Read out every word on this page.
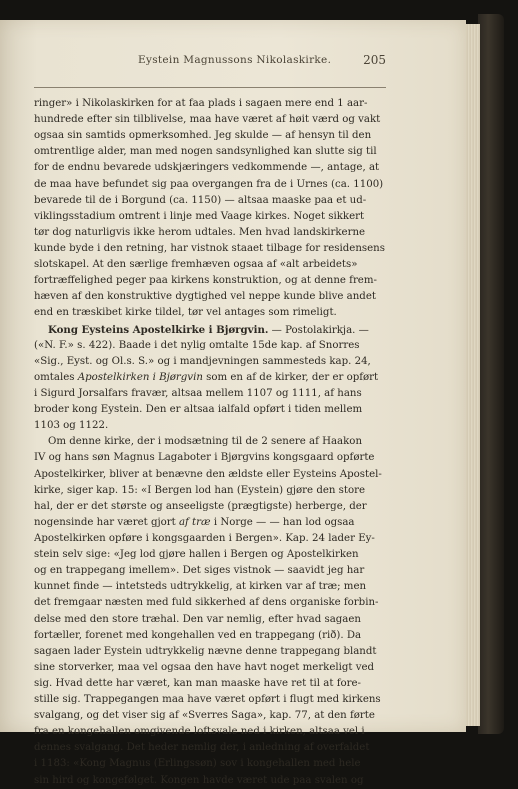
Eystein Magnussons Nikolaskirke.	205
ringer» i Nikolaskirken for at faa plads i sagaen mere end 1 aar-
hundrede efter sin tilblivelse, maa have været af høit værd og vakt
ogsaa sin samtids opmerksomhed. Jeg skulde — af hensyn til den
omtrentlige alder, man med nogen sandsynlighed kan slutte sig til
for de endnu bevarede udskjæringers vedkommende —, antage, at
de maa have befundet sig paa overgangen fra de i Urnes (ca. 1100)
bevarede til de i Borgund (ca. 1150) — altsaa maaske paa et ud-
viklingsstadium omtrent i linje med Vaage kirkes. Noget sikkert
tør dog naturligvis ikke herom udtales. Men hvad landskirkerne
kunde byde i den retning, har vistnok staaet tilbage for residensens
slotskapel. At den særlige fremhæven ogsaa af «alt arbeidets»
fortræffelighed peger paa kirkens konstruktion, og at denne frem-
hæven af den konstruktive dygtighed vel neppe kunde blive andet
end en træskibet kirke tildel, tør vel antages som rimeligt.
Kong Eysteins Apostelkirke i Bjørgvin. — Postolakirkja. —
(«N. F.» s. 422). Baade i det nylig omtalte 15de kap. af Snorres
«Sig., Eyst. og Ol.s. S.» og i mandjevningen sammesteds kap. 24,
omtales Apostelkirken i Bjørgvin som en af de kirker, der er opført
i Sigurd Jorsalfars fravær, altsaa mellem 1107 og 1111, af hans
broder kong Eystein. Den er altsaa ialfald opført i tiden mellem
1103 og 1122.
Om denne kirke, der i modsætning til de 2 senere af Haakon
IV og hans søn Magnus Lagaboter i Bjørgvins kongsgaard opførte
Apostelkirker, bliver at benævne den ældste eller Eysteins Apostel-
kirke, siger kap. 15: «I Bergen lod han (Eystein) gjøre den store
hal, der er det største og anseeligste (prægtigste) herberge, der
nogensinde har været gjort af træ i Norge — — han lod ogsaa
Apostelkirken opføre i kongsgaarden i Bergen». Kap. 24 lader Ey-
stein selv sige: «Jeg lod gjøre hallen i Bergen og Apostelkirken
og en trappegang imellem». Det siges vistnok — saavidt jeg har
kunnet finde — intetsteds udtrykkelig, at kirken var af træ; men
det fremgaar næsten med fuld sikkerhed af dens organiske forbin-
delse med den store træhal. Den var nemlig, efter hvad sagaen
fortæller, forenet med kongehallen ved en trappegang (rið). Da
sagaen lader Eystein udtrykkelig nævne denne trappegang blandt
sine storverker, maa vel ogsaa den have havt noget merkeligt ved
sig. Hvad dette har været, kan man maaske have ret til at fore-
stille sig. Trappegangen maa have været opført i flugt med kirkens
svalgang, og det viser sig af «Sverres Saga», kap. 77, at den førte
fra en kongehallen omgivende loftsvale ned i kirken, altsaa vel i
dennes svalgang. Det heder nemlig der, i anledning af overfaldet
i 1183: «Kong Magnus (Erlingssøn) sov i kongehallen med hele
sin hird og kongefølget. Kongen havde været ude paa svalen og
